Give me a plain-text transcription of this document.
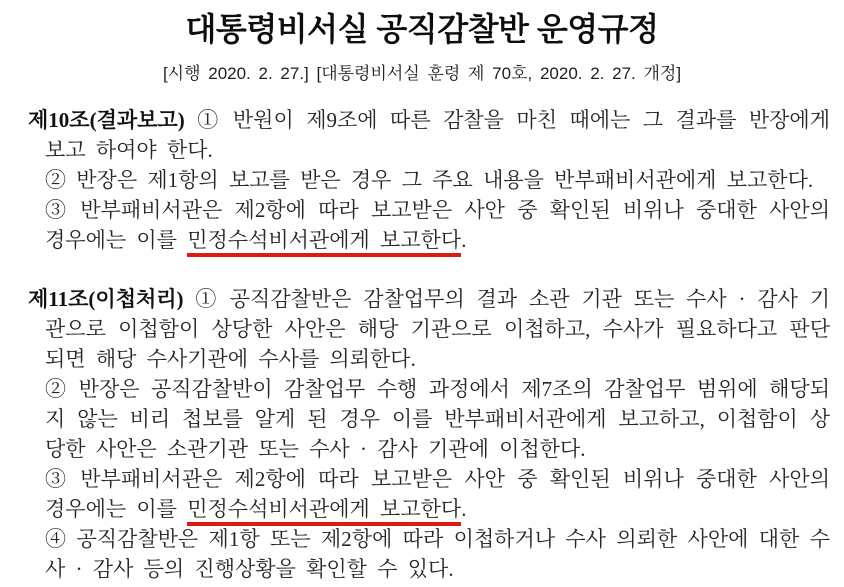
대통령비서실 공직감찰반 운영규정
[시행 2020. 2. 27.] [대통령비서실 훈령 제 70호, 2020. 2. 27. 개정]

제10조(결과보고) ① 반원이 제9조에 따른 감찰을 마친 때에는 그 결과를 반장에게 보고 하여야 한다.

② 반장은 제1항의 보고를 받은 경우 그 주요 내용을 반부패비서관에게 보고한다.

③ 반부패비서관은 제2항에 따라 보고받은 사안 중 확인된 비위나 중대한 사안의 경우에는 이를 민정수석비서관에게 보고한다.

제11조(이첩처리) ① 공직감찰반은 감찰업무의 결과 소관 기관 또는 수사 · 감사 기관으로 이첩함이 상당한 사안은 해당 기관으로 이첩하고, 수사가 필요하다고 판단되면 해당 수사기관에 수사를 의뢰한다.

② 반장은 공직감찰반이 감찰업무 수행 과정에서 제7조의 감찰업무 범위에 해당되지 않는 비리 첩보를 알게 된 경우 이를 반부패비서관에게 보고하고, 이첩함이 상당한 사안은 소관기관 또는 수사 · 감사 기관에 이첩한다.

③ 반부패비서관은 제2항에 따라 보고받은 사안 중 확인된 비위나 중대한 사안의 경우에는 이를 민정수석비서관에게 보고한다.

④ 공직감찰반은 제1항 또는 제2항에 따라 이첩하거나 수사 의뢰한 사안에 대한 수사 · 감사 등의 진행상황을 확인할 수 있다.
